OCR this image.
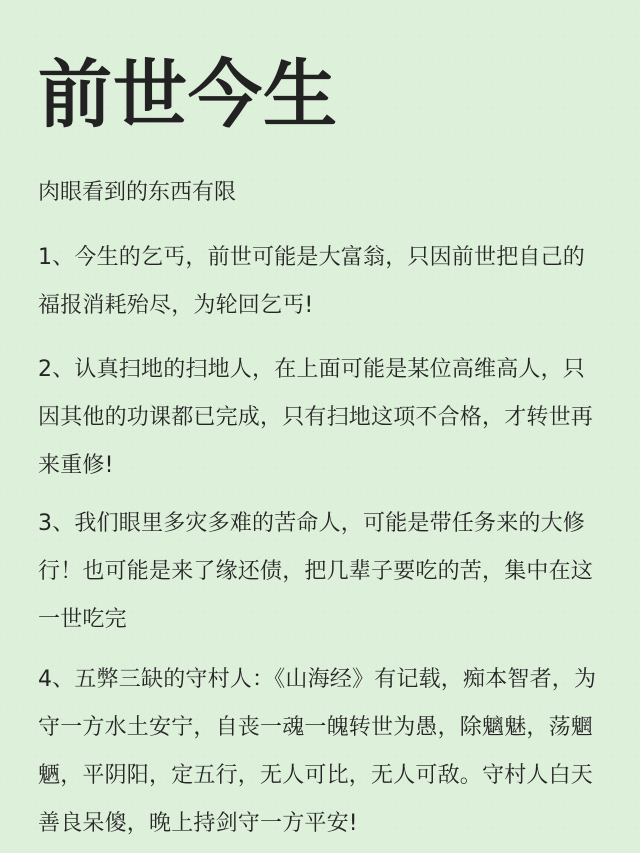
前世今生
肉眼看到的东西有限
1、今生的乞丐，前世可能是大富翁，只因前世把自己的福报消耗殆尽，为轮回乞丐!
2、认真扫地的扫地人，在上面可能是某位高维高人，只因其他的功课都已完成，只有扫地这项不合格，才转世再来重修!
3、我们眼里多灾多难的苦命人，可能是带任务来的大修行！也可能是来了缘还债，把几辈子要吃的苦，集中在这一世吃完
4、五弊三缺的守村人：《山海经》有记载，痴本智者，为守一方水土安宁，自丧一魂一魄转世为愚，除魑魅，荡魍魉，平阴阳，定五行，无人可比，无人可敌。守村人白天善良呆傻，晚上持剑守一方平安!
